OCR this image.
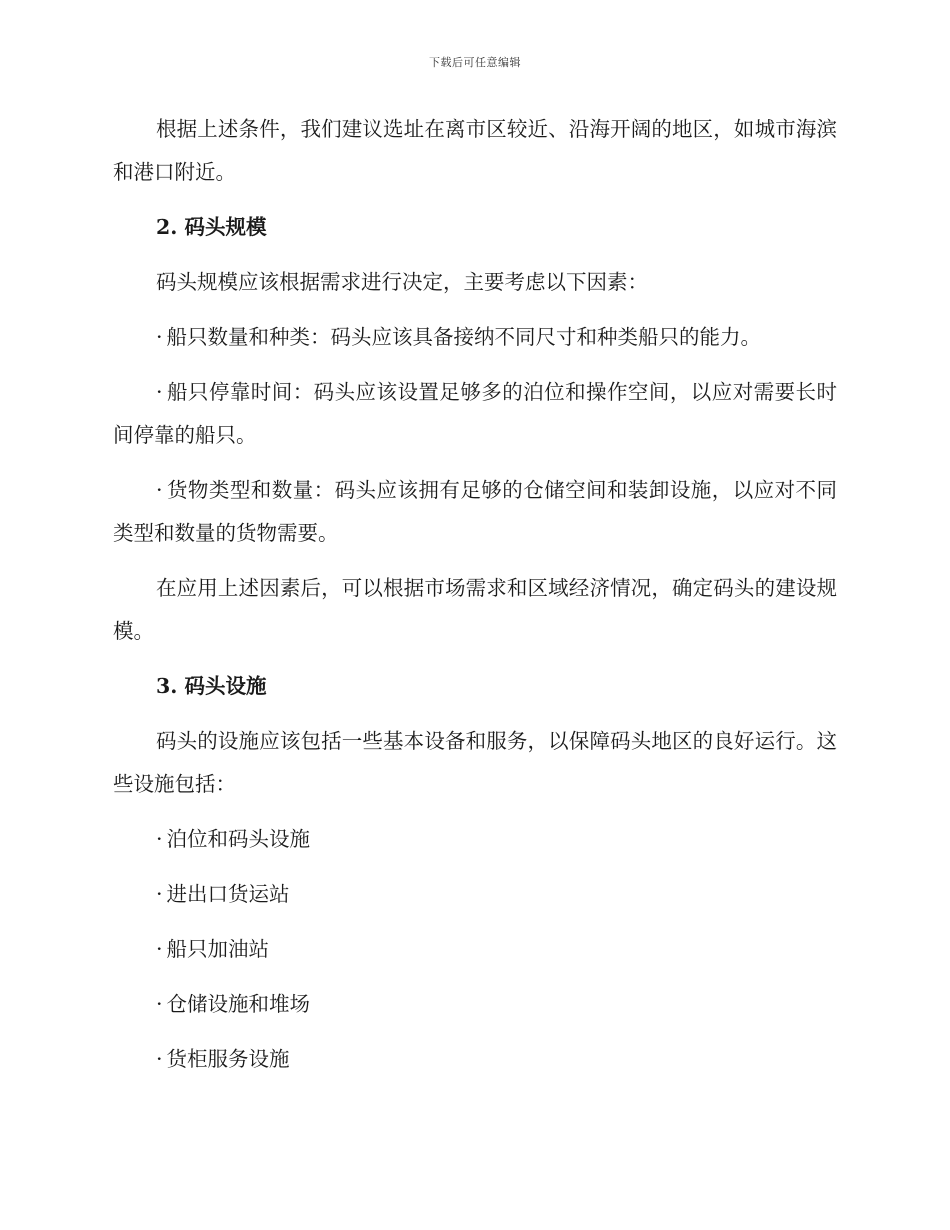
下载后可任意编辑

根据上述条件，我们建议选址在离市区较近、沿海开阔的地区，如城市海滨和港口附近。

2. 码头规模

码头规模应该根据需求进行决定，主要考虑以下因素：

· 船只数量和种类：码头应该具备接纳不同尺寸和种类船只的能力。

· 船只停靠时间：码头应该设置足够多的泊位和操作空间，以应对需要长时间停靠的船只。

· 货物类型和数量：码头应该拥有足够的仓储空间和装卸设施，以应对不同类型和数量的货物需要。

在应用上述因素后，可以根据市场需求和区域经济情况，确定码头的建设规模。

3. 码头设施

码头的设施应该包括一些基本设备和服务，以保障码头地区的良好运行。这些设施包括：

· 泊位和码头设施

· 进出口货运站

· 船只加油站

· 仓储设施和堆场

· 货柜服务设施
